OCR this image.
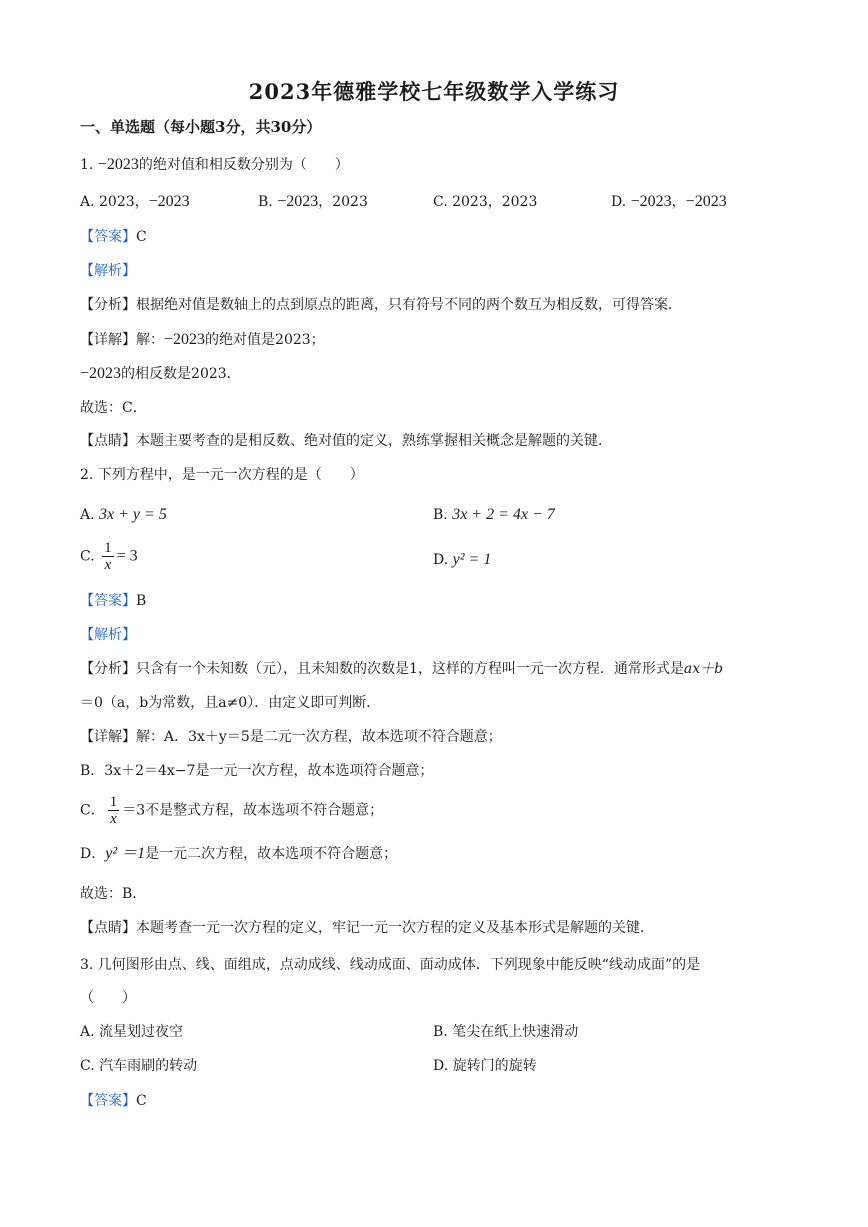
2023年德雅学校七年级数学入学练习
一、单选题（每小题3分，共30分）
1. −2023的绝对值和相反数分别为（　　）
A. 2023，−2023	B. −2023，2023	C. 2023，2023	D. −2023，−2023
【答案】C
【解析】
【分析】根据绝对值是数轴上的点到原点的距离，只有符号不同的两个数互为相反数，可得答案．
【详解】解：−2023的绝对值是2023；
−2023的相反数是2023．
故选：C．
【点睛】本题主要考查的是相反数、绝对值的定义，熟练掌握相关概念是解题的关键．
2. 下列方程中，是一元一次方程的是（　　）
A. 3x + y = 5	B. 3x + 2 = 4x − 7
C. $\frac{1}{x} = 3$	D. y² = 1
【答案】B
【解析】
【分析】只含有一个未知数（元），且未知数的次数是1，这样的方程叫一元一次方程．通常形式是ax＋b
＝0（a，b为常数，且a≠0）．由定义即可判断．
【详解】解：A．3x＋y＝5是二元一次方程，故本选项不符合题意；
B．3x＋2＝4x−7是一元一次方程，故本选项符合题意；
C． $\frac{1}{x} =3$不是整式方程，故本选项不符合题意；
D．y² ＝1是一元二次方程，故本选项不符合题意；
故选：B．
【点睛】本题考查一元一次方程的定义，牢记一元一次方程的定义及基本形式是解题的关键．
3. 几何图形由点、线、面组成，点动成线、线动成面、面动成体．下列现象中能反映“线动成面”的是
（　　）
A. 流星划过夜空	B. 笔尖在纸上快速滑动
C. 汽车雨刷的转动	D. 旋转门的旋转
【答案】C
